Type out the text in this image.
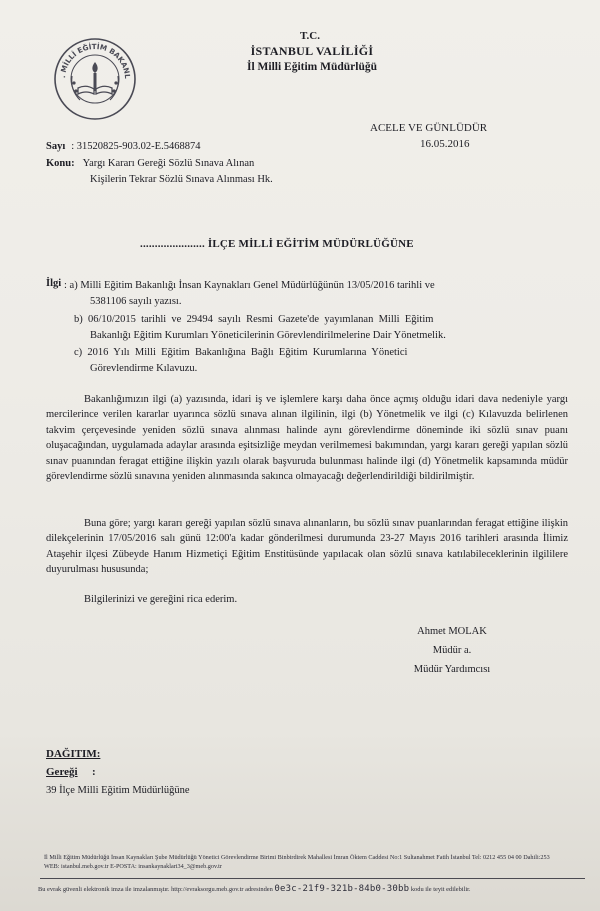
. MİLLİ EĞİTİM BAKANL
T.C.
İSTANBUL VALİLİĞİ
İl Milli Eğitim Müdürlüğü
ACELE VE GÜNLÜDÜR
16.05.2016
Sayı : 31520825-903.02-E.5468874
Konu: Yargı Kararı Gereği Sözlü Sınava Alınan
Kişilerin Tekrar Sözlü Sınava Alınması Hk.
...................... İLÇE MİLLİ EĞİTİM MÜDÜRLÜĞÜNE
İlgi : a) Milli Eğitim Bakanlığı İnsan Kaynakları Genel Müdürlüğünün 13/05/2016 tarihli ve
5381106 sayılı yazısı.
b)  06/10/2015  tarihli  ve  29494  sayılı  Resmi  Gazete'de  yayımlanan  Milli  Eğitim
Bakanlığı Eğitim Kurumları Yöneticilerinin Görevlendirilmelerine Dair Yönetmelik.
c)  2016  Yılı  Milli  Eğitim  Bakanlığına  Bağlı  Eğitim  Kurumlarına  Yönetici
Görevlendirme Kılavuzu.
Bakanlığımızın ilgi (a) yazısında, idari iş ve işlemlere karşı daha önce açmış olduğu idari dava nedeniyle yargı mercilerince verilen kararlar uyarınca sözlü sınava alınan ilgilinin, ilgi (b) Yönetmelik ve ilgi (c) Kılavuzda belirlenen takvim çerçevesinde yeniden sözlü sınava alınması halinde aynı görevlendirme döneminde iki sözlü sınav puanı oluşacağından, uygulamada adaylar arasında eşitsizliğe meydan verilmemesi bakımından, yargı kararı gereği yapılan sözlü sınav puanından feragat ettiğine ilişkin yazılı olarak başvuruda bulunması halinde ilgi (d) Yönetmelik kapsamında müdür görevlendirme sözlü sınavına yeniden alınmasında sakınca olmayacağı değerlendirildiği bildirilmiştir.
Buna göre; yargı kararı gereği yapılan sözlü sınava alınanların, bu sözlü sınav puanlarından feragat ettiğine ilişkin dilekçelerinin 17/05/2016 salı günü 12:00'a kadar gönderilmesi durumunda 23-27 Mayıs 2016 tarihleri arasında İlimiz Ataşehir ilçesi Zübeyde Hanım Hizmetiçi Eğitim Enstitüsünde yapılacak olan sözlü sınava katılabileceklerinin ilgililere duyurulması hususunda;
Bilgilerinizi ve gereğini rica ederim.
Ahmet MOLAK
Müdür a.
Müdür Yardımcısı
DAĞITIM:
Gereği :
39 İlçe Milli Eğitim Müdürlüğüne
İl Milli Eğitim Müdürlüğü İnsan Kaynakları Şube Müdürlüğü Yönetici Görevlendirme Birimi Binbirdirek Mahallesi İmran Öktem Caddesi No:1 Sultanahmet Fatih İstanbul Tel: 0212 455 04 00 Dahili:253 WEB: istanbul.meb.gov.tr E-POSTA: insankaynaklari34_3@meb.gov.tr
Bu evrak güvenli elektronik imza ile imzalanmıştır. http://evraksorgu.meb.gov.tr adresinden 0e3c-21f9-321b-84b0-30bb kodu ile teyit edilebilir.
